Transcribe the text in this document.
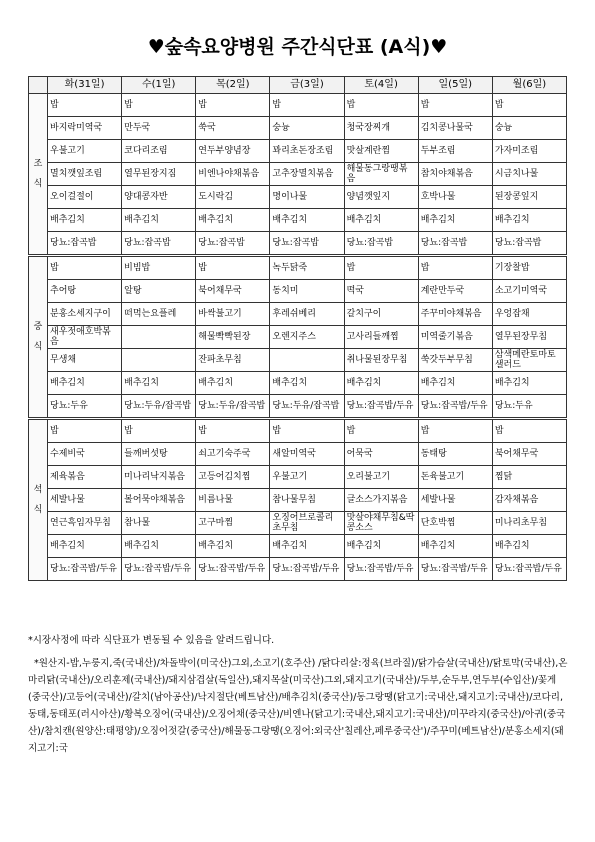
♥숲속요양병원 주간식단표 (A식)♥
	화(31일)	수(1일)	목(2일)	금(3일)	토(4일)	일(5일)	월(6일)

조
식	밥	밥	밥	밥	밥	밥	밥
	바지락미역국	만두국	쑥국	숭늉	청국장찌개	김치콩나물국	숭늉
	우불고기	코다리조림	연두부양념장	꽈리초돈장조림	맛살계란찜	두부조림	가자미조림
	멸치깻잎조림	열무된장지짐	비엔나야채볶음	고추장멸치볶음	해물동그랑땡볶음	참치야채볶음	시금치나물
	오이걸절이	양대콩자반	도시락김	명이나물	양념깻잎지	호박나물	된장콩잎지
	배추김치	배추김치	배추김치	배추김치	배추김치	배추김치	배추김치
	당뇨:잡곡밥	당뇨:잡곡밥	당뇨:잡곡밥	당뇨:잡곡밥	당뇨:잡곡밥	당뇨:잡곡밥	당뇨:잡곡밥

중
식	밥	비빔밥	밥	녹두닭죽	밥	밥	기장찰밥
	추어탕	알탕	북어채무국	동치미	떡국	계란만두국	소고기미역국
	분홍소세지구이	떠먹는요플레	바싹불고기	후레쉬베리	갈치구이	주꾸미야채볶음	우엉잡채
	새우젓애호박볶음		해물빡빡된장	오렌지주스	고사리들깨찜	미역줄기볶음	열무된장무침
	무생채		잔파초무침		취나물된장무침	쑥갓두부무침	삼색메란토마토샐러드
	배추김치	배추김치	배추김치	배추김치	배추김치	배추김치	배추김치
	당뇨:두유	당뇨:두유/잡곡밥	당뇨:두유/잡곡밥	당뇨:두유/잡곡밥	당뇨:잡곡밥/두유	당뇨:잡곡밥/두유	당뇨:두유

석
식	밥	밥	밥	밥	밥	밥	밥
	수제비국	들깨버섯탕	쇠고기숙주국	새알미역국	어묵국	동태탕	북어채무국
	제육볶음	미나리낙지볶음	고등어김치찜	우불고기	오리불고기	돈육불고기	찜닭
	세발나물	볼어묵야채볶음	비름나물	참나물무침	글소스가지볶음	세발나물	감자채볶음
	연근흑임자무침	참나물	고구마찜	오징어브로콜리초무침	맛살야채무침&딱콩소스	단호박찜	미나리초무침
	배추김치	배추김치	배추김치	배추김치	배추김치	배추김치	배추김치
	당뇨:잡곡밥/두유	당뇨:잡곡밥/두유	당뇨:잡곡밥/두유	당뇨:잡곡밥/두유	당뇨:잡곡밥/두유	당뇨:잡곡밥/두유	당뇨:잡곡밥/두유
*시장사정에 따라 식단표가 변동될 수 있음을 알려드립니다.
*원산지-밥,누룽지,죽(국내산)/차돌박이(미국산)그외,소고기(호주산) /닭다리살:정육(브라질)/닭가슴살(국내산)/닭토막(국내산),온마리닭(국내산)/오리훈제(국내산)/돼지삼겹살(독일산),돼지목살(미국산)그외,돼지고기(국내산)/두부,순두부,연두부(수입산)/꽃게(중국산)/고등어(국내산)/갈치(남아공산)/낙지절단(베트남산)/배추김치(중국산)/동그랑땡(닭고기:국내산,돼지고기:국내산)/코다리,동태,동태포(러시아산)/황복오징어(국내산)/오징어채(중국산)/비엔나(닭고기:국내산,돼지고기:국내산)/미꾸라지(중국산)/아귀(중국산)/참치캔(원양산:태평양)/오징어젓갈(중국산)/해물동그랑땡(오징어:외국산'칠레산,페루중국산')/주꾸미(베트남산)/분홍소세지(돼지고기:국
